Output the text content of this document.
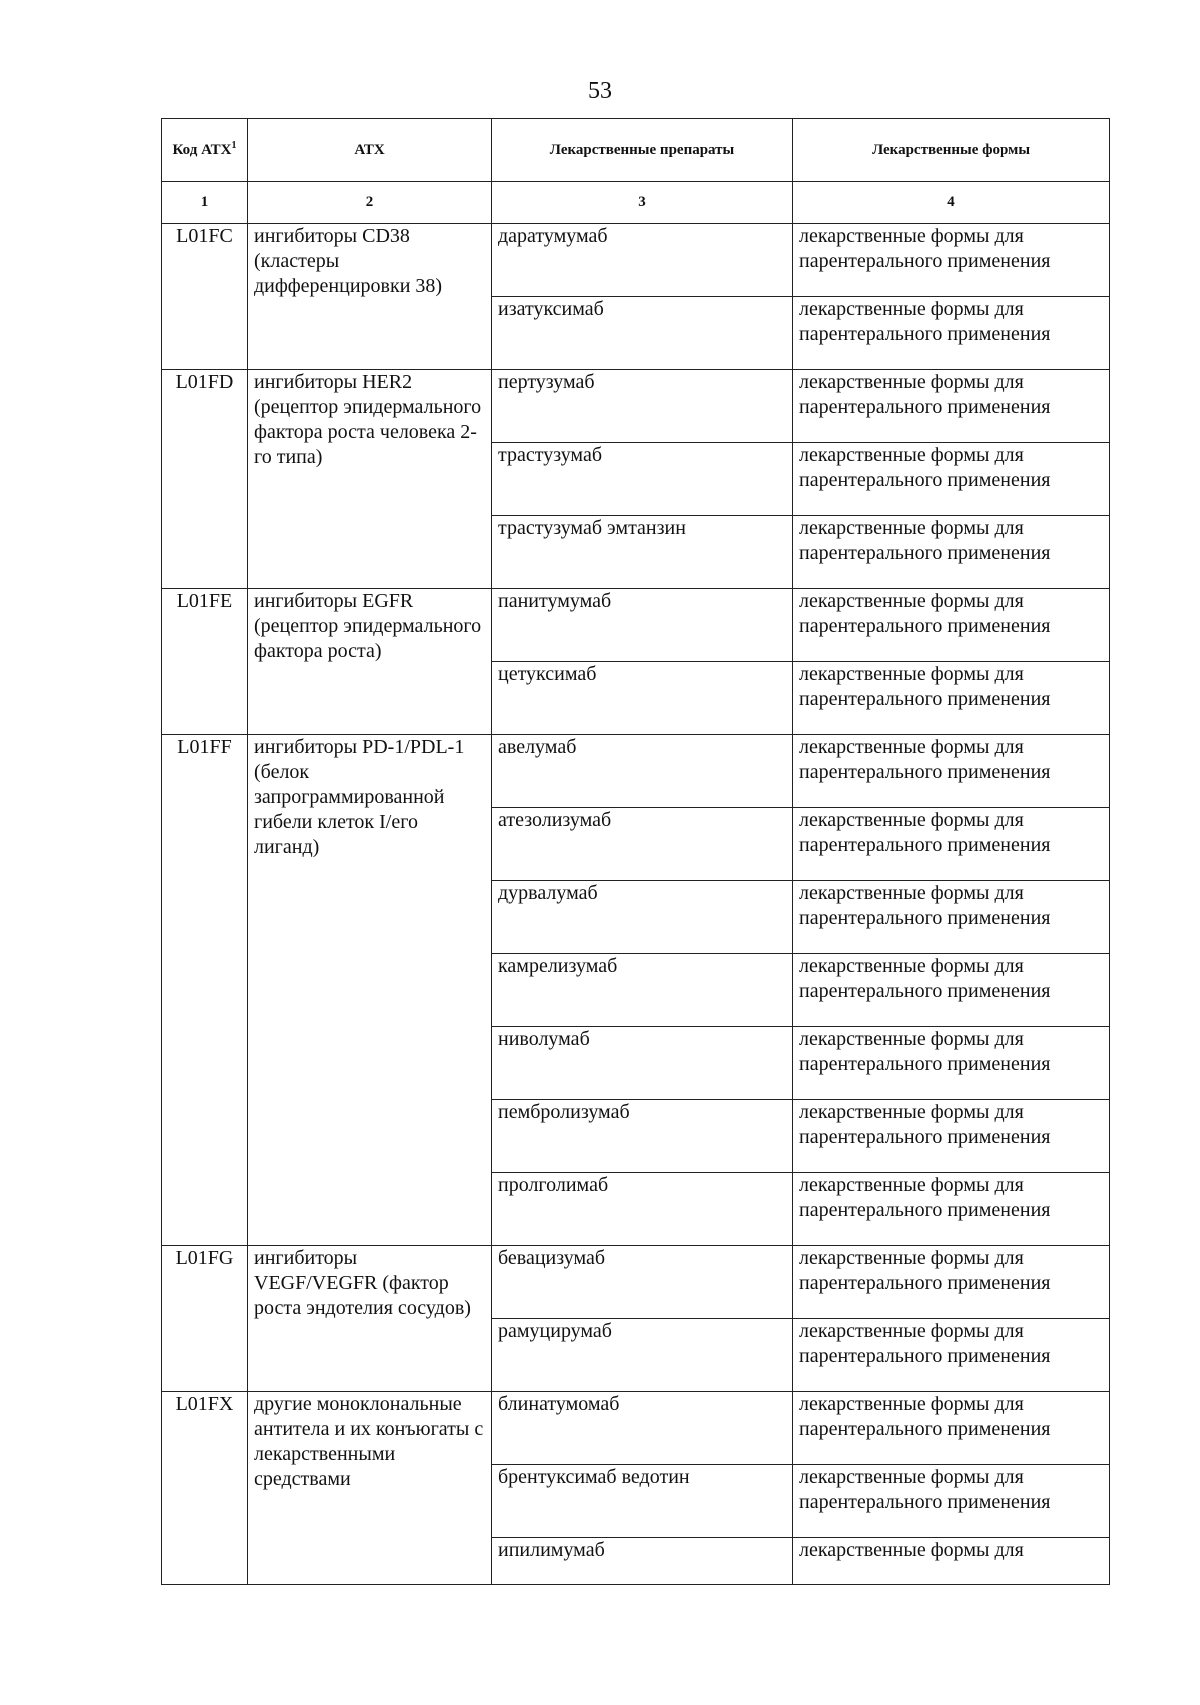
53
Код АТХ$^1$	АТХ	Лекарственные препараты	Лекарственные формы
1	2	3	4
L01FC	ингибиторы CD38 (кластеры дифференцировки 38)	даратумумаб	лекарственные формы для парентерального применения
		изатуксимаб	лекарственные формы для парентерального применения
L01FD	ингибиторы HER2 (рецептор эпидермального фактора роста человека 2-го типа)	пертузумаб	лекарственные формы для парентерального применения
		трастузумаб	лекарственные формы для парентерального применения
		трастузумаб эмтанзин	лекарственные формы для парентерального применения
L01FE	ингибиторы EGFR (рецептор эпидермального фактора роста)	панитумумаб	лекарственные формы для парентерального применения
		цетуксимаб	лекарственные формы для парентерального применения
L01FF	ингибиторы PD-1/PDL-1 (белок запрограммированной гибели клеток I/его лиганд)	авелумаб	лекарственные формы для парентерального применения
		атезолизумаб	лекарственные формы для парентерального применения
		дурвалумаб	лекарственные формы для парентерального применения
		камрелизумаб	лекарственные формы для парентерального применения
		ниволумаб	лекарственные формы для парентерального применения
		пембролизумаб	лекарственные формы для парентерального применения
		пролголимаб	лекарственные формы для парентерального применения
L01FG	ингибиторы VEGF/VEGFR (фактор роста эндотелия сосудов)	бевацизумаб	лекарственные формы для парентерального применения
		рамуцирумаб	лекарственные формы для парентерального применения
L01FX	другие моноклональные антитела и их конъюгаты с лекарственными средствами	блинатумомаб	лекарственные формы для парентерального применения
		брентуксимаб ведотин	лекарственные формы для парентерального применения
		ипилимумаб	лекарственные формы для
